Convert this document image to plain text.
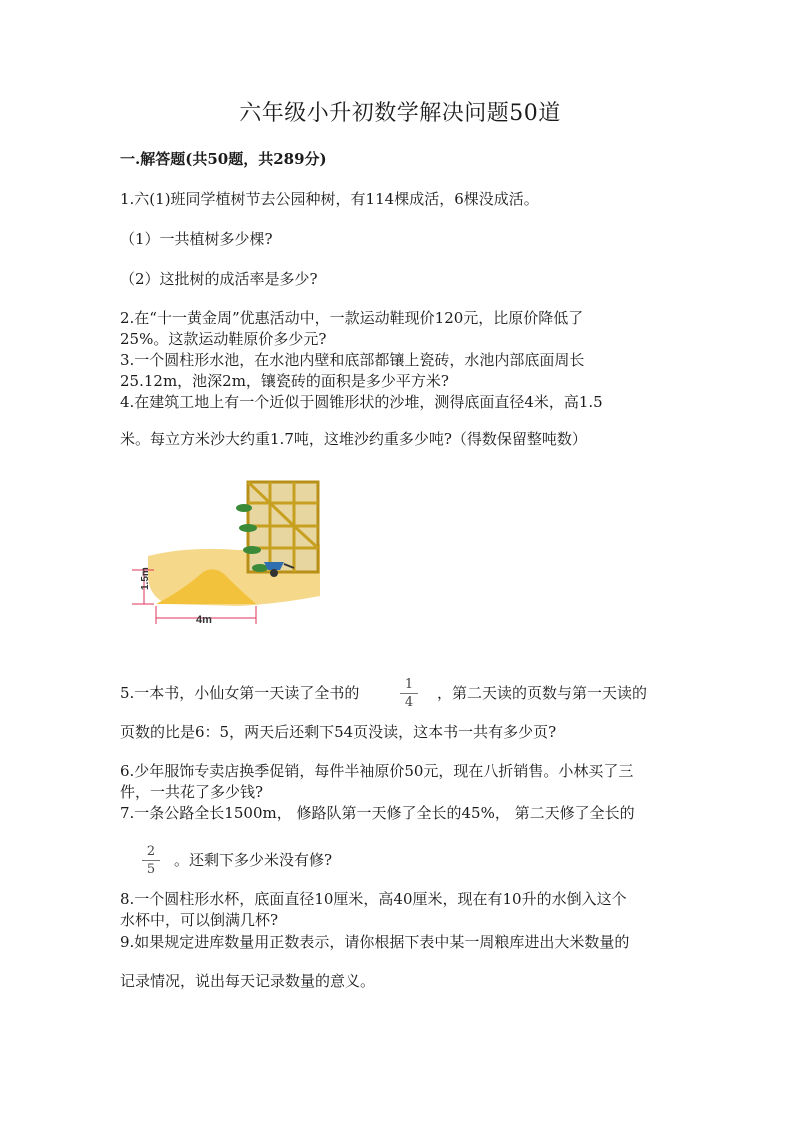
六年级小升初数学解决问题50道
一.解答题(共50题，共289分)
1.六(1)班同学植树节去公园种树，有114棵成活，6棵没成活。
（1）一共植树多少棵?
（2）这批树的成活率是多少?
2.在“十一黄金周”优惠活动中，一款运动鞋现价120元，比原价降低了
25%。这款运动鞋原价多少元?
3.一个圆柱形水池，在水池内壁和底部都镶上瓷砖，水池内部底面周长
25.12m，池深2m，镶瓷砖的面积是多少平方米?
4.在建筑工地上有一个近似于圆锥形状的沙堆，测得底面直径4米，高1.5
米。每立方米沙大约重1.7吨，这堆沙约重多少吨?（得数保留整吨数）
1.5m
4m
5.一本书，小仙女第一天读了全书的	1
4
，第二天读的页数与第一天读的
页数的比是6：5，两天后还剩下54页没读，这本书一共有多少页?
6.少年服饰专卖店换季促销，每件半袖原价50元，现在八折销售。小林买了三
件，一共花了多少钱?
7.一条公路全长1500m， 修路队第一天修了全长的45%， 第二天修了全长的
2
5
。还剩下多少米没有修?
8.一个圆柱形水杯，底面直径10厘米，高40厘米，现在有10升的水倒入这个
水杯中，可以倒满几杯?
9.如果规定进库数量用正数表示，请你根据下表中某一周粮库进出大米数量的
记录情况，说出每天记录数量的意义。
